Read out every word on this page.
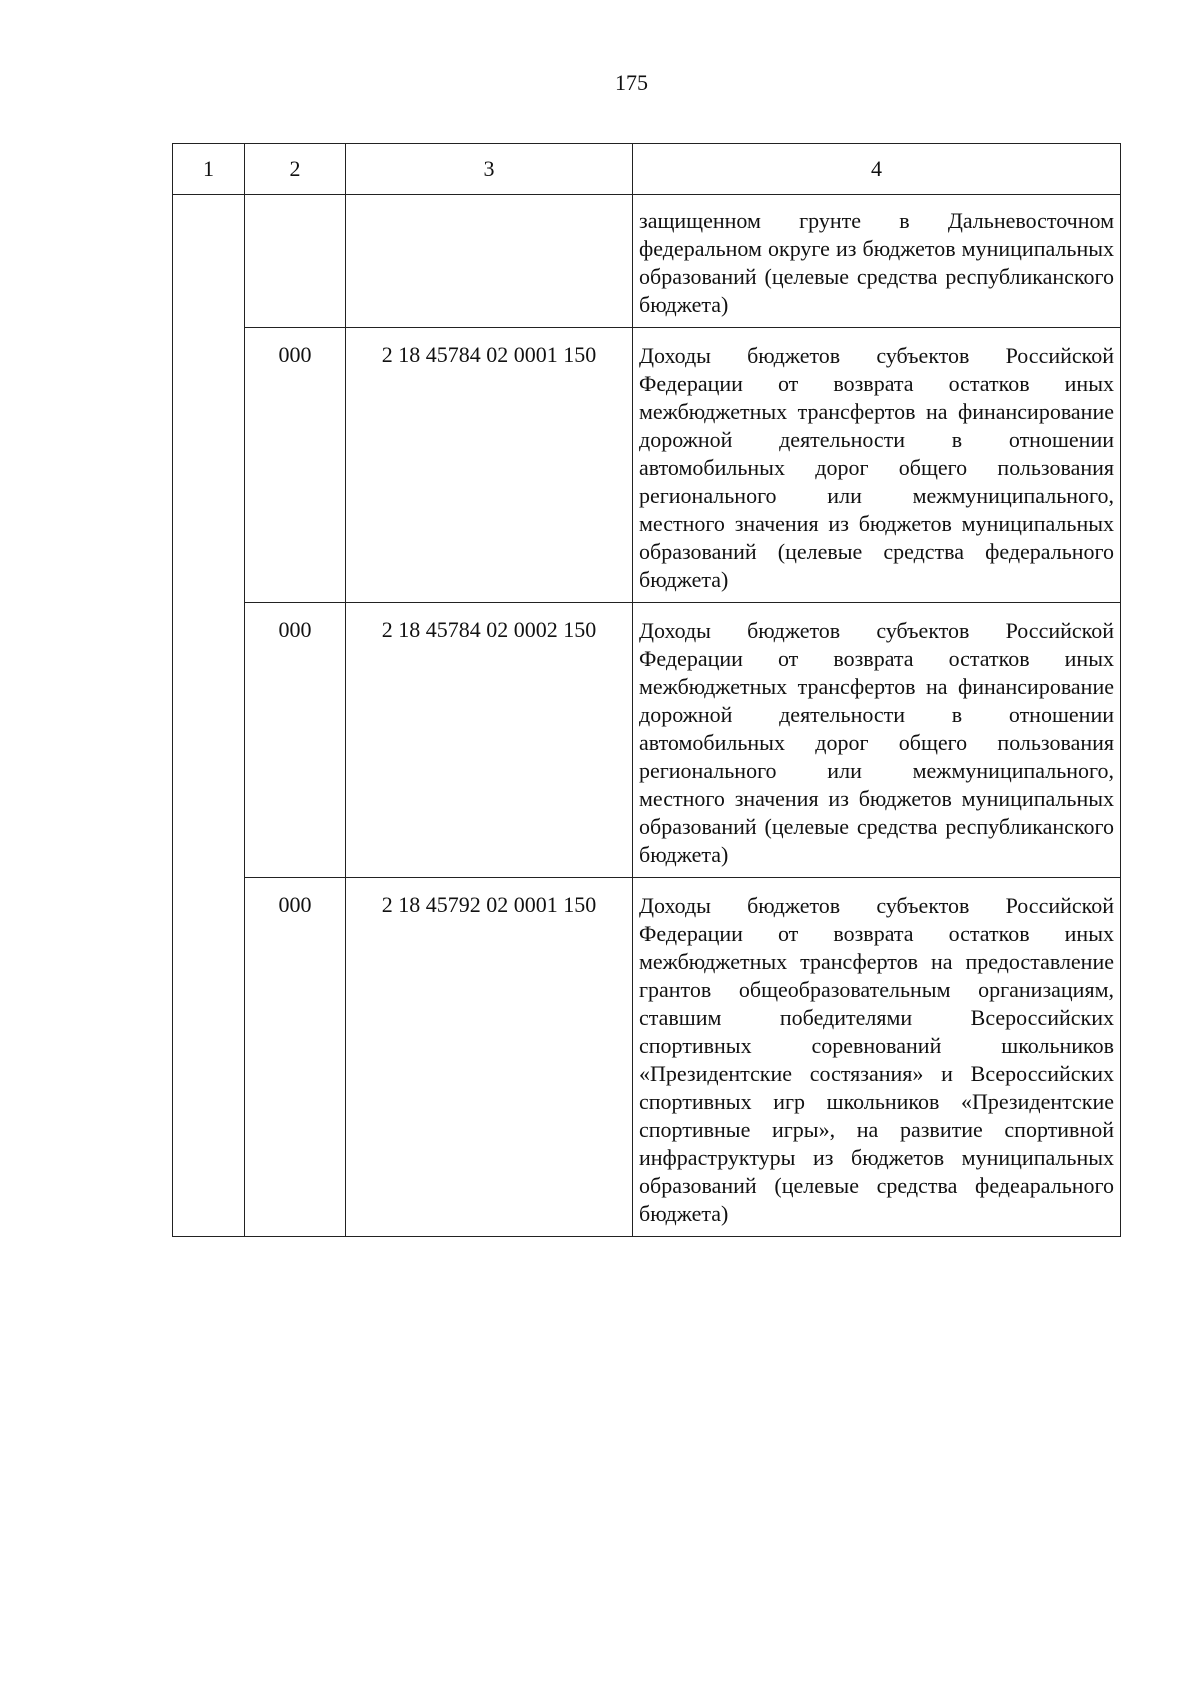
175
1	2	3	4
			защищенном грунте в Дальневосточном федеральном округе из бюджетов муниципальных образований (целевые средства республиканского бюджета)
	000	2 18 45784 02 0001 150	Доходы бюджетов субъектов Российской Федерации от возврата остатков иных межбюджетных трансфертов на финансирование дорожной деятельности в отношении автомобильных дорог общего пользования регионального или межмуниципального, местного значения из бюджетов муниципальных образований (целевые средства федерального бюджета)
	000	2 18 45784 02 0002 150	Доходы бюджетов субъектов Российской Федерации от возврата остатков иных межбюджетных трансфертов на финансирование дорожной деятельности в отношении автомобильных дорог общего пользования регионального или межмуниципального, местного значения из бюджетов муниципальных образований (целевые средства республиканского бюджета)
	000	2 18 45792 02 0001 150	Доходы бюджетов субъектов Российской Федерации от возврата остатков иных межбюджетных трансфертов на предоставление грантов общеобразовательным организациям, ставшим победителями Всероссийских спортивных соревнований школьников «Президентские состязания» и Всероссийских спортивных игр школьников «Президентские спортивные игры», на развитие спортивной инфраструктуры из бюджетов муниципальных образований (целевые средства федеарального бюджета)
